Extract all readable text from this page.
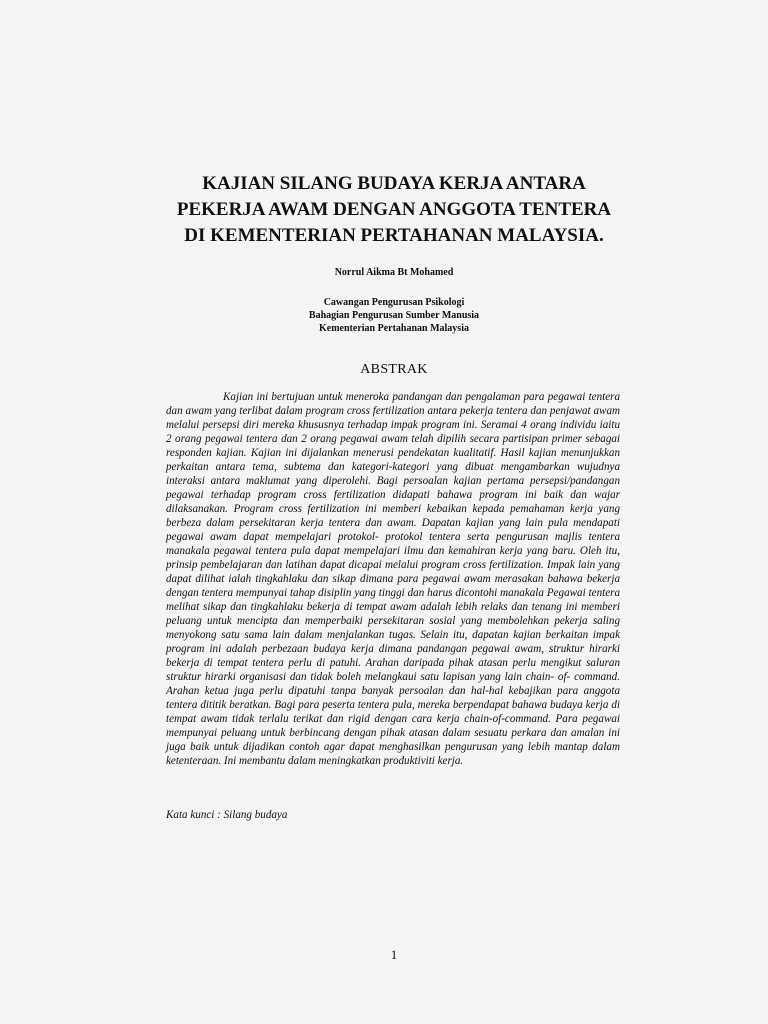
KAJIAN SILANG BUDAYA KERJA ANTARA
PEKERJA AWAM DENGAN ANGGOTA TENTERA
DI KEMENTERIAN PERTAHANAN MALAYSIA.
Norrul Aikma Bt Mohamed
Cawangan Pengurusan Psikologi
Bahagian Pengurusan Sumber Manusia
Kementerian Pertahanan Malaysia
ABSTRAK

Kajian ini bertujuan untuk meneroka pandangan dan pengalaman para pegawai tentera dan awam yang terlibat dalam program cross fertilization antara pekerja tentera dan penjawat awam melalui persepsi diri mereka khususnya terhadap impak program ini. Seramai 4 orang individu iaitu 2 orang pegawai tentera dan 2 orang pegawai awam telah dipilih secara partisipan primer sebagai responden kajian. Kajian ini dijalankan menerusi pendekatan kualitatif. Hasil kajian menunjukkan perkaitan antara tema, subtema dan kategori-kategori yang dibuat mengambarkan wujudnya interaksi antara maklumat yang diperolehi. Bagi persoalan kajian pertama persepsi/pandangan pegawai terhadap program cross fertilization didapati bahawa program ini baik dan wajar dilaksanakan. Program cross fertilization ini memberi kebaikan kepada pemahaman kerja yang berbeza dalam persekitaran kerja tentera dan awam. Dapatan kajian yang lain pula mendapati pegawai awam dapat mempelajari protokol- protokol tentera serta pengurusan majlis tentera manakala pegawai tentera pula dapat mempelajari ilmu dan kemahiran kerja yang baru. Oleh itu, prinsip pembelajaran dan latihan dapat dicapai melalui program cross fertilization. Impak lain yang dapat dilihat ialah tingkahlaku dan sikap dimana para pegawai awam merasakan bahawa bekerja dengan tentera mempunyai tahap disiplin yang tinggi dan harus dicontohi manakala Pegawai tentera melihat sikap dan tingkahlaku bekerja di tempat awam adalah lebih relaks dan tenang ini memberi peluang untuk mencipta dan memperbaiki persekitaran sosial yang membolehkan pekerja saling menyokong satu sama lain dalam menjalankan tugas. Selain itu, dapatan kajian berkaitan impak program ini adalah perbezaan budaya kerja dimana pandangan pegawai awam, struktur hirarki bekerja di tempat tentera perlu di patuhi. Arahan daripada pihak atasan perlu mengikut saluran struktur hirarki organisasi dan tidak boleh melangkaui satu lapisan yang lain chain- of- command. Arahan ketua juga perlu dipatuhi tanpa banyak persoalan dan hal-hal kebajikan para anggota tentera dititik beratkan. Bagi para peserta tentera pula, mereka berpendapat bahawa budaya kerja di tempat awam tidak terlalu terikat dan rigid dengan cara kerja chain-of-command. Para pegawai mempunyai peluang untuk berbincang dengan pihak atasan dalam sesuatu perkara dan amalan ini juga baik untuk dijadikan contoh agar dapat menghasilkan pengurusan yang lebih mantap dalam ketenteraan. Ini membantu dalam meningkatkan produktiviti kerja.

Kata kunci : Silang budaya
1
